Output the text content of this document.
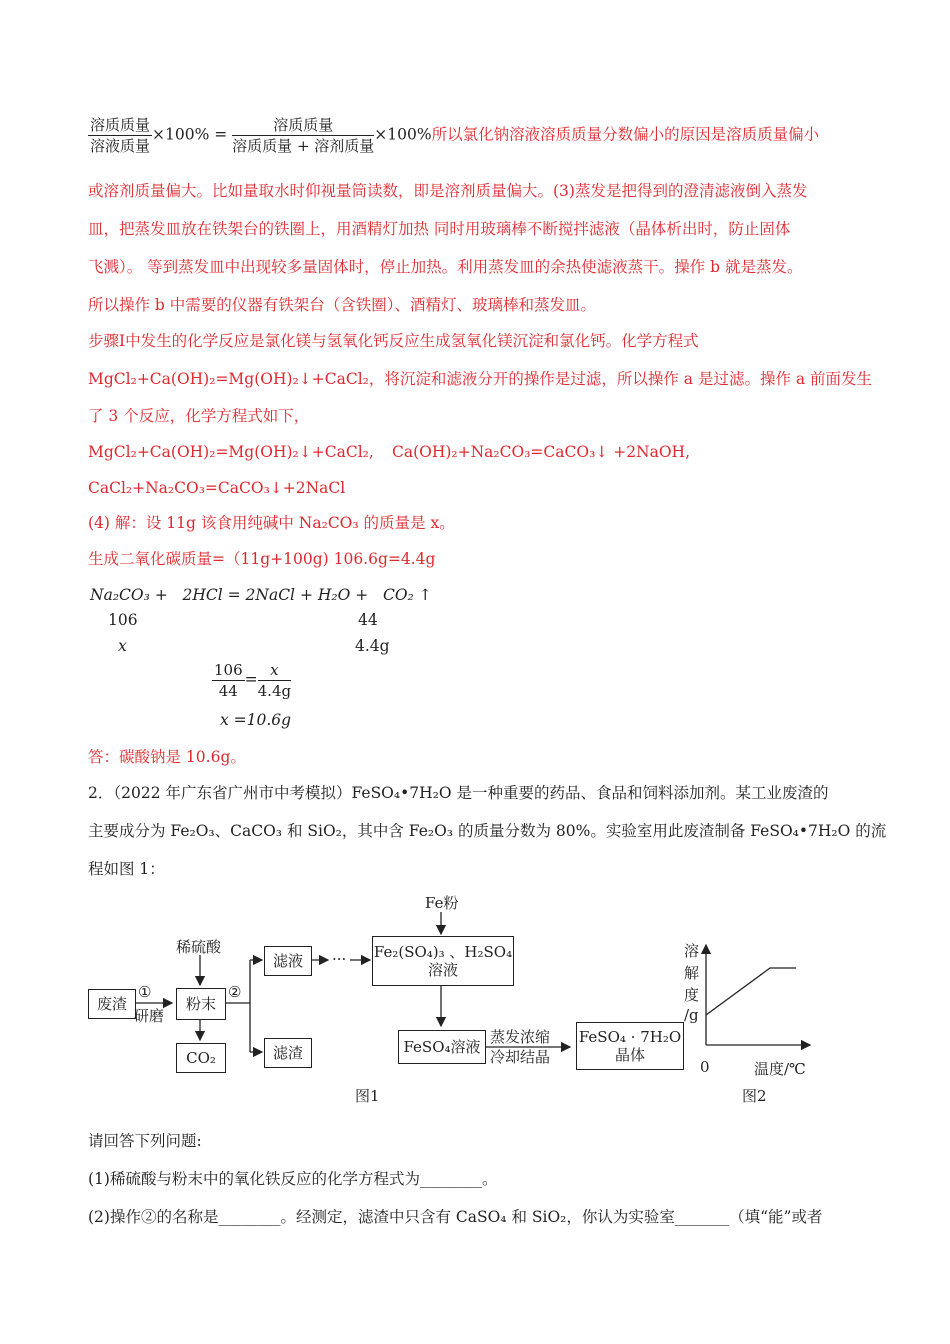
$\frac{\text{溶质质量}}{\text{溶液质量}} \times 100\% = \frac{\text{溶质质量}}{\text{溶质质量 + 溶剂质量}} \times 100\%$所以氯化钠溶液溶质质量分数偏小的原因是溶质质量偏小
或溶剂质量偏大。比如量取水时仰视量筒读数，即是溶剂质量偏大。(3)蒸发是把得到的澄清滤液倒入蒸发
皿，把蒸发皿放在铁架台的铁圈上，用酒精灯加热 同时用玻璃棒不断搅拌滤液（晶体析出时，防止固体
飞溅）。 等到蒸发皿中出现较多量固体时，停止加热。利用蒸发皿的余热使滤液蒸干。操作 b 就是蒸发。
所以操作 b 中需要的仪器有铁架台（含铁圈）、酒精灯、玻璃棒和蒸发皿。
步骤Ⅰ中发生的化学反应是氯化镁与氢氧化钙反应生成氢氧化镁沉淀和氯化钙。化学方程式
MgCl₂+Ca(OH)₂=Mg(OH)₂↓+CaCl₂，将沉淀和滤液分开的操作是过滤，所以操作 a 是过滤。操作 a 前面发生
了 3 个反应，化学方程式如下，
MgCl₂+Ca(OH)₂=Mg(OH)₂↓+CaCl₂, Ca(OH)₂+Na₂CO₃=CaCO₃↓ +2NaOH,
CaCl₂+Na₂CO₃=CaCO₃↓+2NaCl
(4) 解：设 11g 该食用纯碱中 Na₂CO₃ 的质量是 x。
生成二氧化碳质量=（11g+100g) 106.6g=4.4g
Na₂CO₃ +   2HCl = 2NaCl + H₂O +   CO₂ ↑
106	44
x	4.4g
$\frac{106}{44} = \frac{x}{4.4g}$
x =10.6g
答：碳酸钠是 10.6g。
2．（2022 年广东省广州市中考模拟）FeSO₄•7H₂O 是一种重要的药品、食品和饲料添加剂。某工业废渣的
主要成分为 Fe₂O₃、CaCO₃ 和 SiO₂，其中含 Fe₂O₃ 的质量分数为 80%。实验室用此废渣制备 FeSO₄•7H₂O 的流
程如图 1：
Fe粉
稀硫酸
废渣
①
研磨
粉末
②
CO₂
滤液	···
滤渣
Fe₂(SO₄)₃ 、H₂SO₄
溶液
FeSO₄溶液
蒸发浓缩
冷却结晶
FeSO₄ · 7H₂O
晶体
图1
溶
解
度
/g
0	温度/℃
图2
请回答下列问题:
(1)稀硫酸与粉末中的氧化铁反应的化学方程式为________。
(2)操作②的名称是________。经测定，滤渣中只含有 CaSO₄ 和 SiO₂，你认为实验室_______（填“能”或者
